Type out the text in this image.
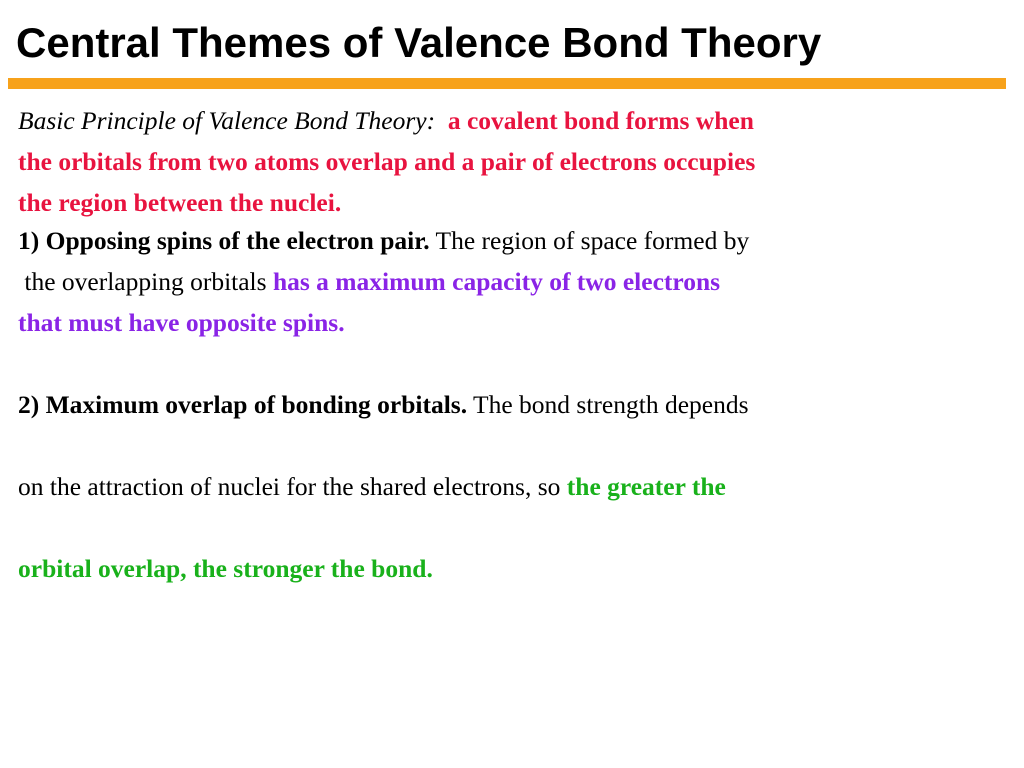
Central Themes of Valence Bond Theory

Basic Principle of Valence Bond Theory: a covalent bond forms when
the orbitals from two atoms overlap and a pair of electrons occupies
the region between the nuclei.

1) Opposing spins of the electron pair. The region of space formed by
the overlapping orbitals has a maximum capacity of two electrons
that must have opposite spins.

2) Maximum overlap of bonding orbitals. The bond strength depends
on the attraction of nuclei for the shared electrons, so the greater the
orbital overlap, the stronger the bond.
